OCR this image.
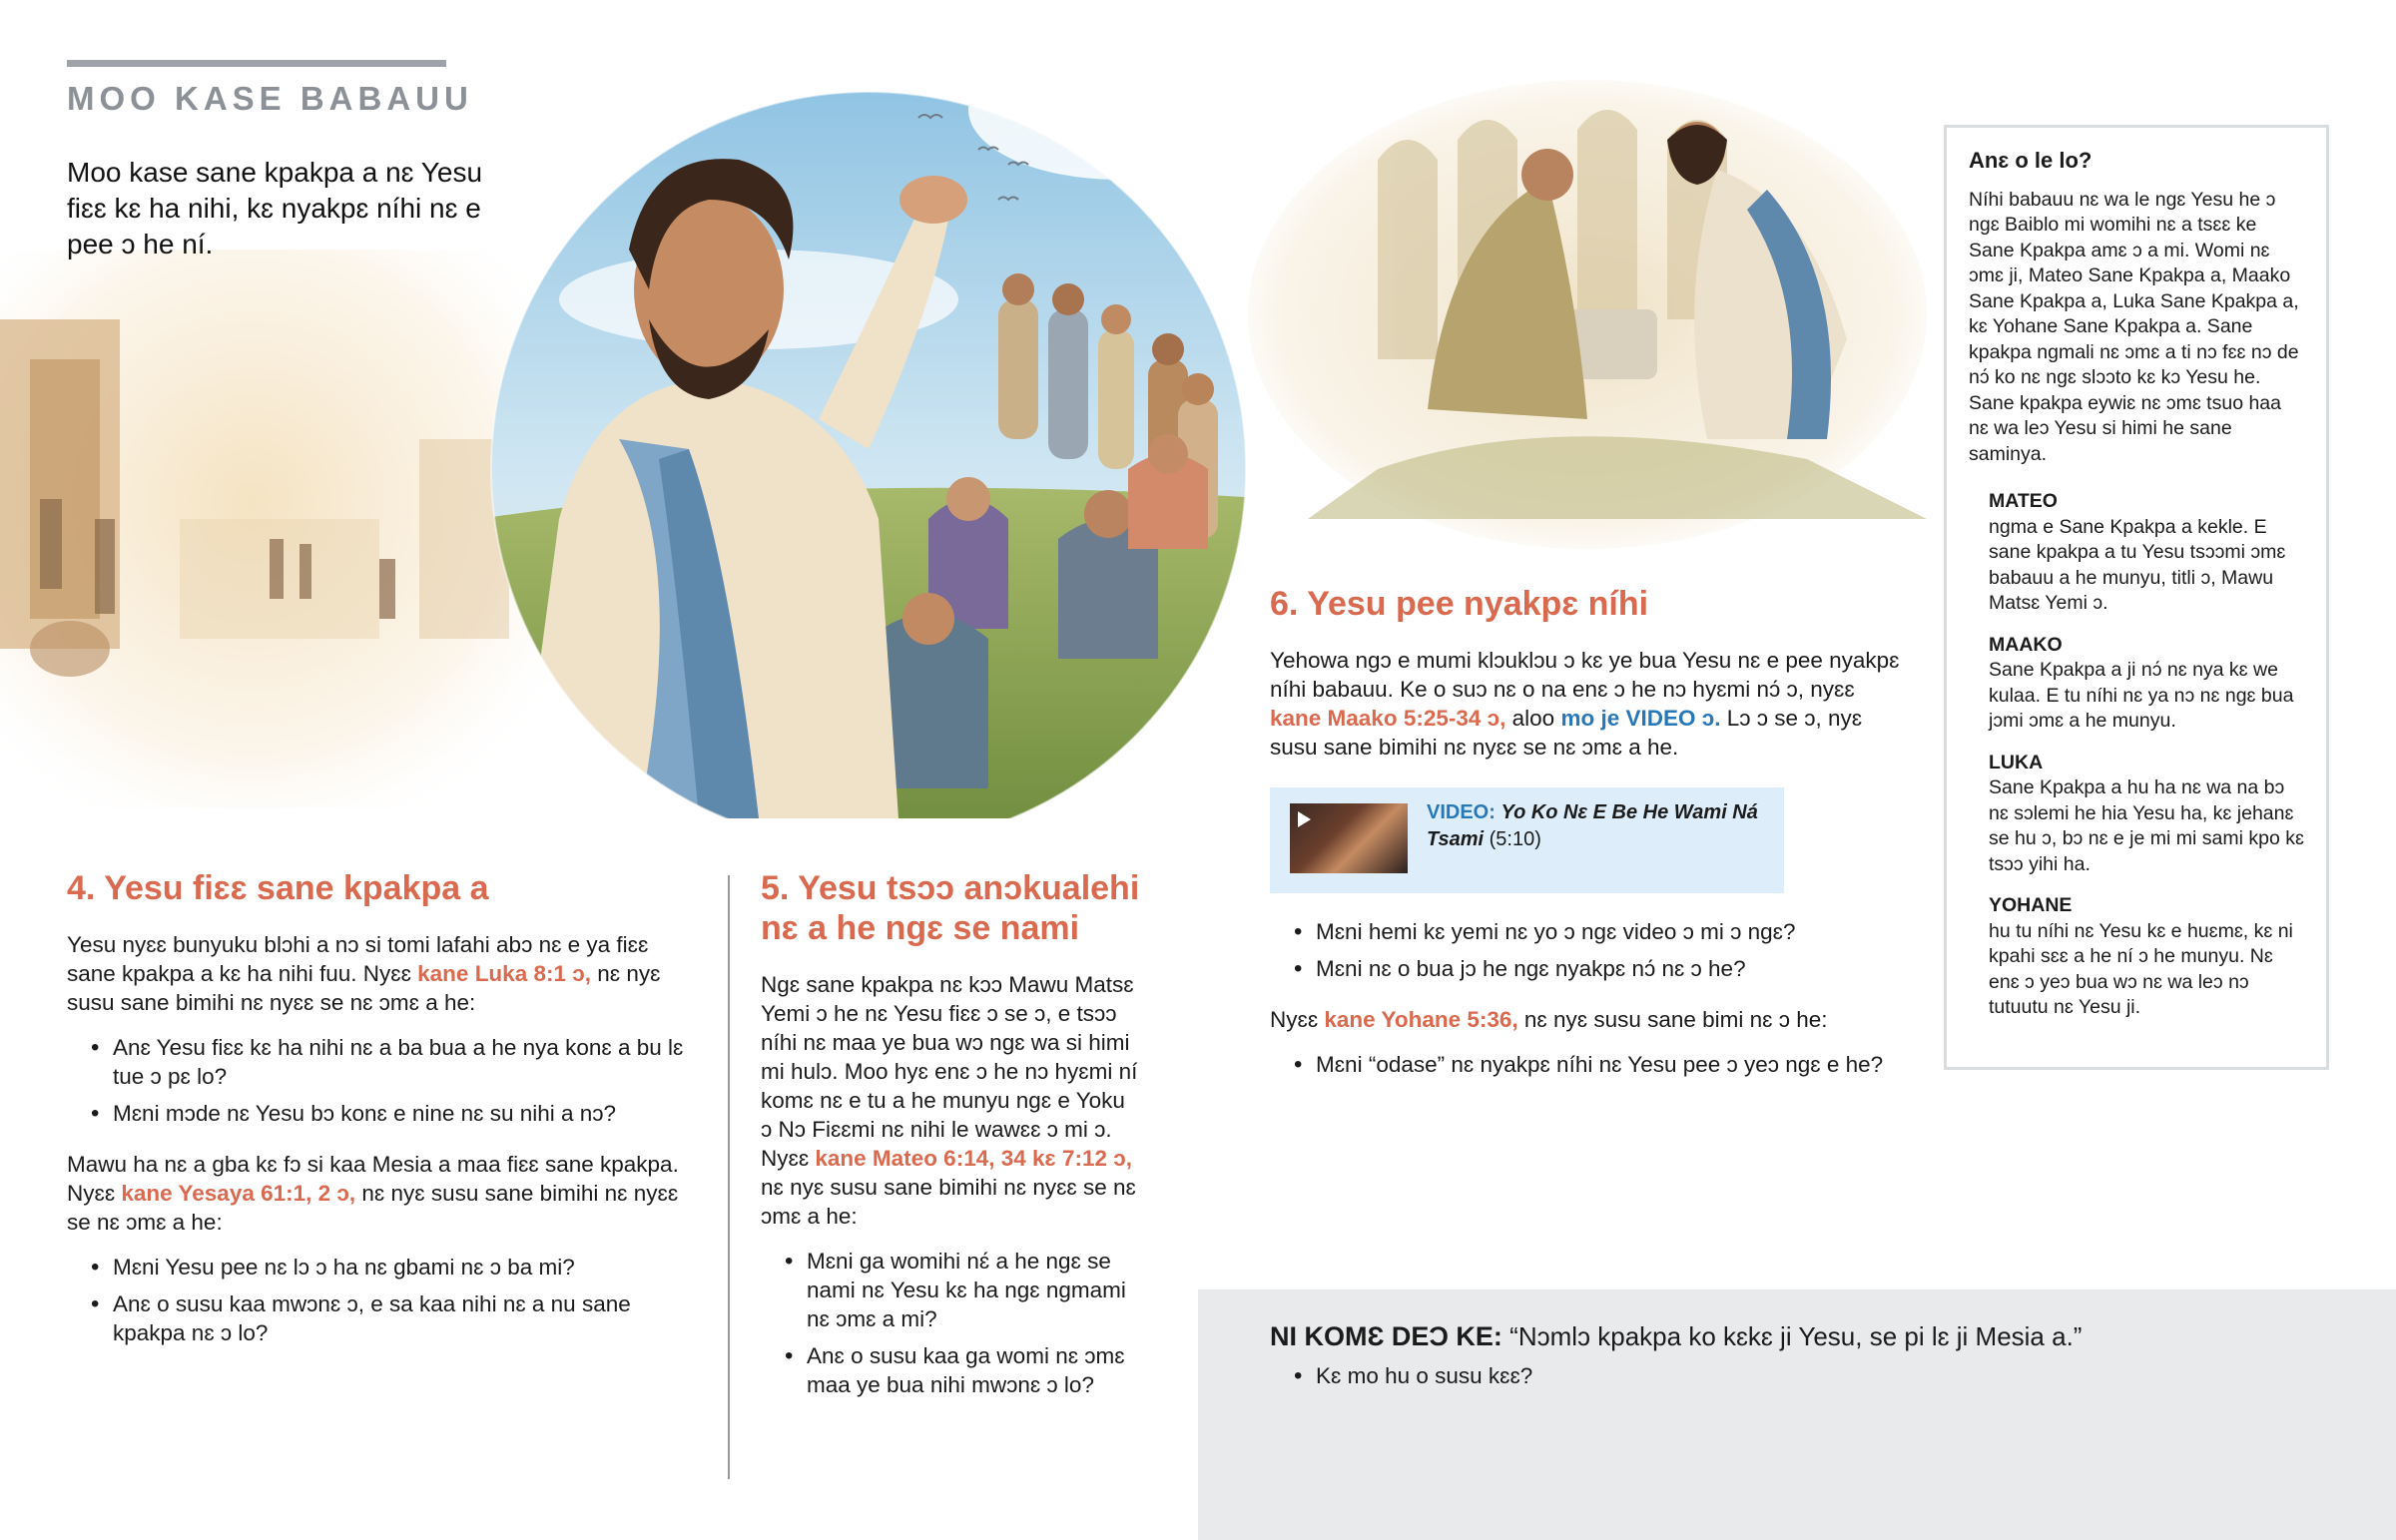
MOO KASE BABAUU
Moo kase sane kpakpa a nɛ Yesu fiɛɛ kɛ ha nihi, kɛ nyakpɛ níhi nɛ e pee ɔ he ní.
4. Yesu fiɛɛ sane kpakpa a

Yesu nyɛɛ bunyuku blɔhi a nɔ si tomi lafahi abɔ nɛ e ya fiɛɛ sane kpakpa a kɛ ha nihi fuu. Nyɛɛ kane Luka 8:1 ɔ, nɛ nyɛ susu sane bimihi nɛ nyɛɛ se nɛ ɔmɛ a he:

• Anɛ Yesu fiɛɛ kɛ ha nihi nɛ a ba bua a he nya konɛ a bu lɛ tue ɔ pɛ lo?
• Mɛni mɔde nɛ Yesu bɔ konɛ e nine nɛ su nihi a nɔ?

Mawu ha nɛ a gba kɛ fɔ si kaa Mesia a maa fiɛɛ sane kpakpa. Nyɛɛ kane Yesaya 61:1, 2 ɔ, nɛ nyɛ susu sane bimihi nɛ nyɛɛ se nɛ ɔmɛ a he:

• Mɛni Yesu pee nɛ lɔ ɔ ha nɛ gbami nɛ ɔ ba mi?
• Anɛ o susu kaa mwɔnɛ ɔ, e sa kaa nihi nɛ a nu sane kpakpa nɛ ɔ lo?
5. Yesu tsɔɔ anɔkualehi nɛ a he ngɛ se nami

Ngɛ sane kpakpa nɛ kɔɔ Mawu Matsɛ Yemi ɔ he nɛ Yesu fiɛɛ ɔ se ɔ, e tsɔɔ níhi nɛ maa ye bua wɔ ngɛ wa si himi mi hulɔ. Moo hyɛ enɛ ɔ he nɔ hyɛmi ní komɛ nɛ e tu a he munyu ngɛ e Yoku ɔ Nɔ Fiɛɛmi nɛ nihi le wawɛɛ ɔ mi ɔ. Nyɛɛ kane Mateo 6:14, 34 kɛ 7:12 ɔ, nɛ nyɛ susu sane bimihi nɛ nyɛɛ se nɛ ɔmɛ a he:

• Mɛni ga womihi nɛ́ a he ngɛ se nami nɛ Yesu kɛ ha ngɛ ngmami nɛ ɔmɛ a mi?
• Anɛ o susu kaa ga womi nɛ ɔmɛ maa ye bua nihi mwɔnɛ ɔ lo?
6. Yesu pee nyakpɛ níhi

Yehowa ngɔ e mumi klɔuklɔu ɔ kɛ ye bua Yesu nɛ e pee nyakpɛ níhi babauu. Ke o suɔ nɛ o na enɛ ɔ he nɔ hyɛmi nɔ́ ɔ, nyɛɛ kane Maako 5:25-34 ɔ, aloo mo je VIDEO ɔ. Lɔ ɔ se ɔ, nyɛ susu sane bimihi nɛ nyɛɛ se nɛ ɔmɛ a he.

VIDEO: Yo Ko Nɛ E Be He Wami Ná Tsami (5:10)
• Mɛni hemi kɛ yemi nɛ yo ɔ ngɛ video ɔ mi ɔ ngɛ?
• Mɛni nɛ o bua jɔ he ngɛ nyakpɛ nɔ́ nɛ ɔ he?

Nyɛɛ kane Yohane 5:36, nɛ nyɛ susu sane bimi nɛ ɔ he:

• Mɛni “odase” nɛ nyakpɛ níhi nɛ Yesu pee ɔ yeɔ ngɛ e he?
Anɛ o le lo?
Níhi babauu nɛ wa le ngɛ Yesu he ɔ ngɛ Baiblo mi womihi nɛ a tsɛɛ ke Sane Kpakpa amɛ ɔ a mi. Womi nɛ ɔmɛ ji, Mateo Sane Kpakpa a, Maako Sane Kpakpa a, Luka Sane Kpakpa a, kɛ Yohane Sane Kpakpa a. Sane kpakpa ngmali nɛ ɔmɛ a ti nɔ fɛɛ nɔ de nɔ́ ko nɛ ngɛ slɔɔto kɛ kɔ Yesu he. Sane kpakpa eywiɛ nɛ ɔmɛ tsuo haa nɛ wa leɔ Yesu si himi he sane saminya.
MATEO
ngma e Sane Kpakpa a kekle. E sane kpakpa a tu Yesu tsɔɔmi ɔmɛ babauu a he munyu, titli ɔ, Mawu Matsɛ Yemi ɔ.
MAAKO
Sane Kpakpa a ji nɔ́ nɛ nya kɛ we kulaa. E tu níhi nɛ ya nɔ nɛ ngɛ bua jɔmi ɔmɛ a he munyu.
LUKA
Sane Kpakpa a hu ha nɛ wa na bɔ nɛ sɔlemi he hia Yesu ha, kɛ jehanɛ se hu ɔ, bɔ nɛ e je mi mi sami kpo kɛ tsɔɔ yihi ha.
YOHANE
hu tu níhi nɛ Yesu kɛ e huɛmɛ, kɛ ni kpahi sɛɛ a he ní ɔ he munyu. Nɛ enɛ ɔ yeɔ bua wɔ nɛ wa leɔ nɔ tutuutu nɛ Yesu ji.
NI KOMƐ DEƆ KE: “Nɔmlɔ kpakpa ko kɛkɛ ji Yesu, se pi lɛ ji Mesia a.”
• Kɛ mo hu o susu kɛɛ?
